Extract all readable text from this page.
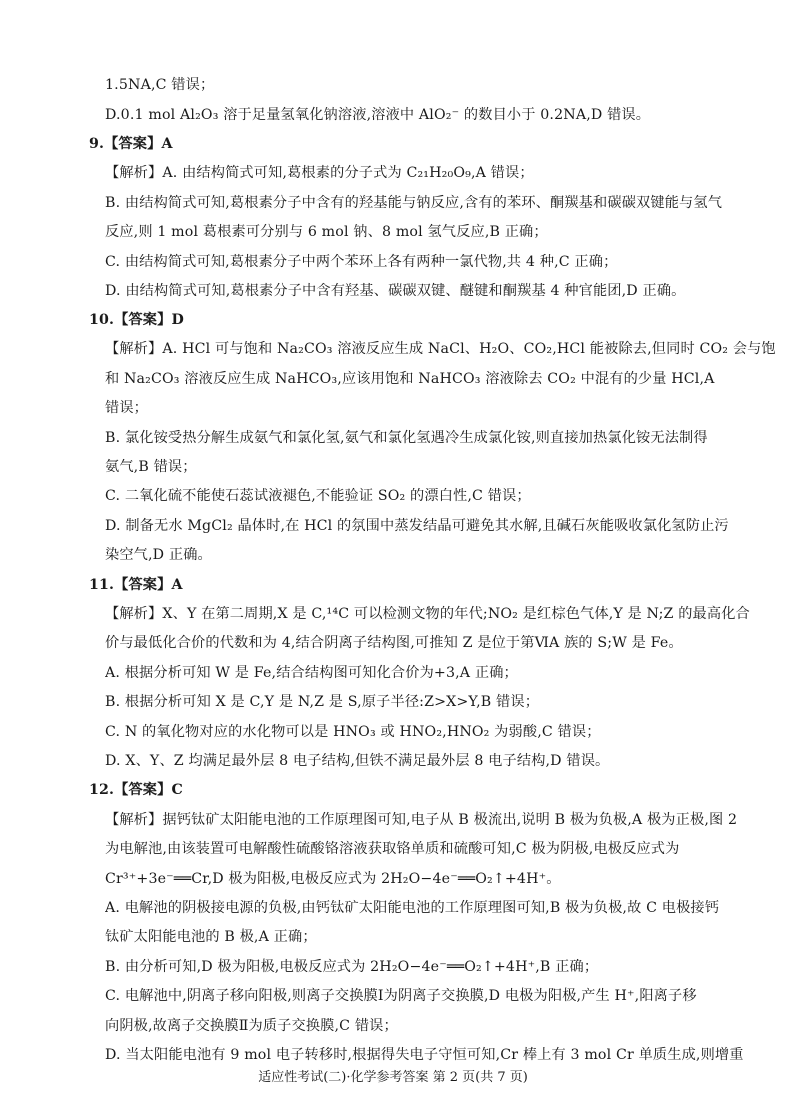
1.5NA,C 错误；
D.0.1 mol Al₂O₃ 溶于足量氢氧化钠溶液,溶液中 AlO₂⁻ 的数目小于 0.2NA,D 错误。
9.【答案】A
【解析】A. 由结构简式可知,葛根素的分子式为 C₂₁H₂₀O₉,A 错误；
B. 由结构简式可知,葛根素分子中含有的羟基能与钠反应,含有的苯环、酮羰基和碳碳双键能与氢气
反应,则 1 mol 葛根素可分别与 6 mol 钠、8 mol 氢气反应,B 正确；
C. 由结构简式可知,葛根素分子中两个苯环上各有两种一氯代物,共 4 种,C 正确；
D. 由结构简式可知,葛根素分子中含有羟基、碳碳双键、醚键和酮羰基 4 种官能团,D 正确。
10.【答案】D
【解析】A. HCl 可与饱和 Na₂CO₃ 溶液反应生成 NaCl、H₂O、CO₂,HCl 能被除去,但同时 CO₂ 会与饱
和 Na₂CO₃ 溶液反应生成 NaHCO₃,应该用饱和 NaHCO₃ 溶液除去 CO₂ 中混有的少量 HCl,A
错误；
B. 氯化铵受热分解生成氨气和氯化氢,氨气和氯化氢遇冷生成氯化铵,则直接加热氯化铵无法制得
氨气,B 错误；
C. 二氧化硫不能使石蕊试液褪色,不能验证 SO₂ 的漂白性,C 错误；
D. 制备无水 MgCl₂ 晶体时,在 HCl 的氛围中蒸发结晶可避免其水解,且碱石灰能吸收氯化氢防止污
染空气,D 正确。
11.【答案】A
【解析】X、Y 在第二周期,X 是 C,¹⁴C 可以检测文物的年代;NO₂ 是红棕色气体,Y 是 N;Z 的最高化合
价与最低化合价的代数和为 4,结合阴离子结构图,可推知 Z 是位于第ⅥA 族的 S;W 是 Fe。
A. 根据分析可知 W 是 Fe,结合结构图可知化合价为+3,A 正确；
B. 根据分析可知 X 是 C,Y 是 N,Z 是 S,原子半径:Z>X>Y,B 错误；
C. N 的氧化物对应的水化物可以是 HNO₃ 或 HNO₂,HNO₂ 为弱酸,C 错误；
D. X、Y、Z 均满足最外层 8 电子结构,但铁不满足最外层 8 电子结构,D 错误。
12.【答案】C
【解析】据钙钛矿太阳能电池的工作原理图可知,电子从 B 极流出,说明 B 极为负极,A 极为正极,图 2
为电解池,由该装置可电解酸性硫酸铬溶液获取铬单质和硫酸可知,C 极为阴极,电极反应式为
Cr³⁺+3e⁻══Cr,D 极为阳极,电极反应式为 2H₂O−4e⁻══O₂↑+4H⁺。
A. 电解池的阴极接电源的负极,由钙钛矿太阳能电池的工作原理图可知,B 极为负极,故 C 电极接钙
钛矿太阳能电池的 B 极,A 正确；
B. 由分析可知,D 极为阳极,电极反应式为 2H₂O−4e⁻══O₂↑+4H⁺,B 正确；
C. 电解池中,阴离子移向阳极,则离子交换膜Ⅰ为阴离子交换膜,D 电极为阳极,产生 H⁺,阳离子移
向阴极,故离子交换膜Ⅱ为质子交换膜,C 错误；
D. 当太阳能电池有 9 mol 电子转移时,根据得失电子守恒可知,Cr 棒上有 3 mol Cr 单质生成,则增重
适应性考试(二)·化学参考答案 第 2 页(共 7 页)
